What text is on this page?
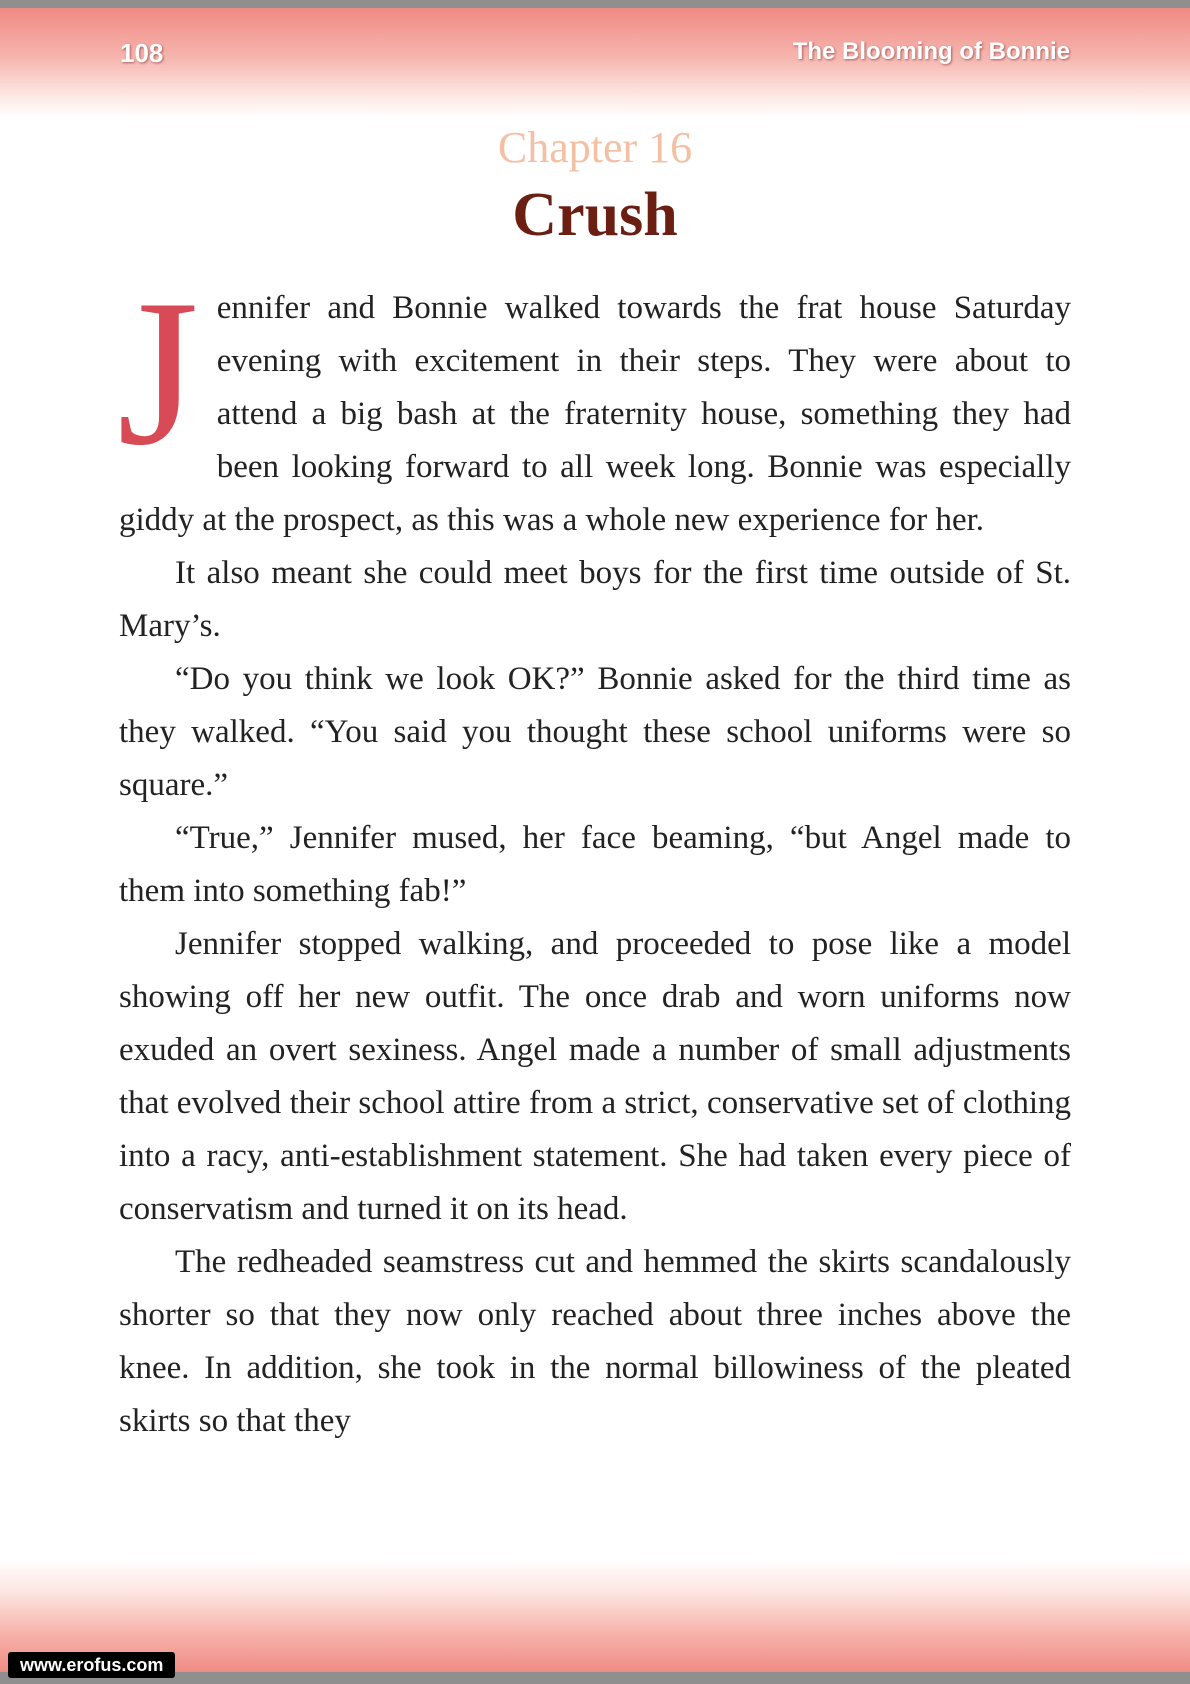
108	The Blooming of Bonnie
Chapter 16
Crush

Jennifer and Bonnie walked towards the frat house Saturday evening with excitement in their steps. They were about to attend a big bash at the fraternity house, something they had been looking forward to all week long. Bonnie was especially giddy at the prospect, as this was a whole new experience for her.

It also meant she could meet boys for the first time outside of St. Mary’s.

“Do you think we look OK?” Bonnie asked for the third time as they walked. “You said you thought these school uniforms were so square.”

“True,” Jennifer mused, her face beaming, “but Angel made to them into something fab!”

Jennifer stopped walking, and proceeded to pose like a model showing off her new outfit. The once drab and worn uniforms now exuded an overt sexiness. Angel made a number of small adjustments that evolved their school attire from a strict, conservative set of clothing into a racy, anti-establishment statement. She had taken every piece of conservatism and turned it on its head.

The redheaded seamstress cut and hemmed the skirts scandalously shorter so that they now only reached about three inches above the knee. In addition, she took in the normal billowiness of the pleated skirts so that they

www.erofus.com
